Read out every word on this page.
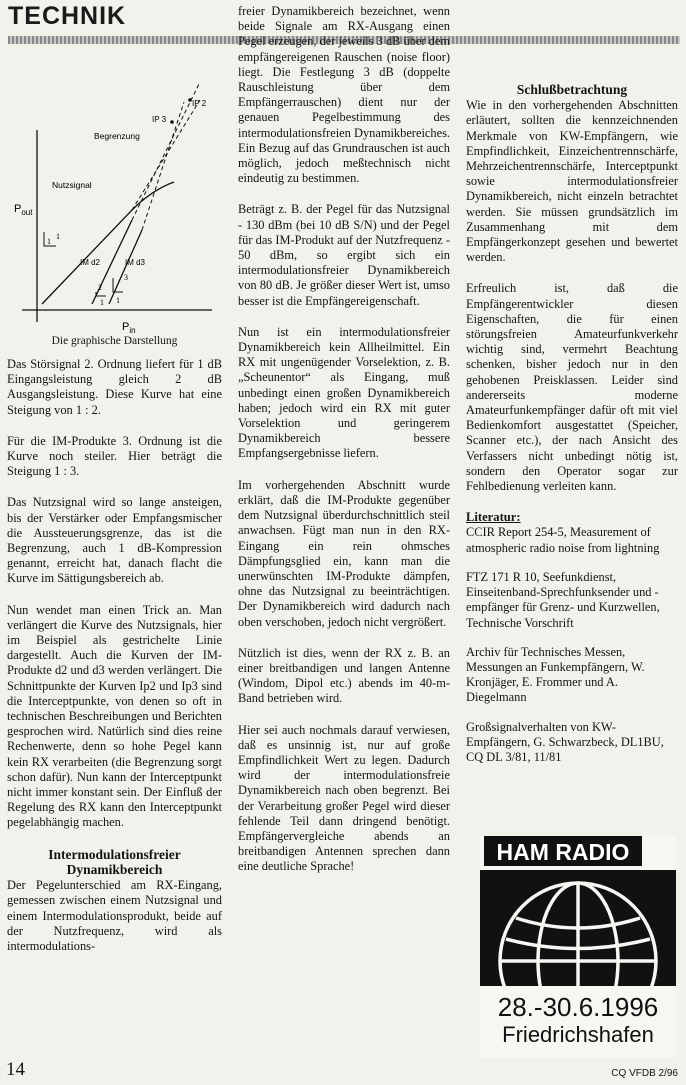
TECHNIK
$P_{out}$
$P_{in}$
Nutzsignal
Begrenzung
IP 3
IP 2
IM d2	IM d3
1
1
2
1
3
1
Die graphische Darstellung

Das Störsignal 2. Ordnung liefert für 1 dB Eingangsleistung gleich 2 dB Ausgangsleistung. Diese Kurve hat eine Steigung von 1 : 2.

Für die IM-Produkte 3. Ordnung ist die Kurve noch steiler. Hier beträgt die Steigung 1 : 3.

Das Nutzsignal wird so lange ansteigen, bis der Verstärker oder Empfangsmischer die Aussteuerungsgrenze, das ist die Begrenzung, auch 1 dB-Kompression genannt, erreicht hat, danach flacht die Kurve im Sättigungsbereich ab.

Nun wendet man einen Trick an. Man verlängert die Kurve des Nutzsignals, hier im Beispiel als gestrichelte Linie dargestellt. Auch die Kurven der IM-Produkte d2 und d3 werden verlängert. Die Schnittpunkte der Kurven Ip2 und Ip3 sind die Interceptpunkte, von denen so oft in technischen Beschreibungen und Berichten gesprochen wird. Natürlich sind dies reine Rechenwerte, denn so hohe Pegel kann kein RX verarbeiten (die Begrenzung sorgt schon dafür). Nun kann der Interceptpunkt nicht immer konstant sein. Der Einfluß der Regelung des RX kann den Interceptpunkt pegelabhängig machen.

Intermodulationsfreier Dynamikbereich

Der Pegelunterschied am RX-Eingang, gemessen zwischen einem Nutzsignal und einem Intermodulationsprodukt, beide auf der Nutzfrequenz, wird als intermodulations-

freier Dynamikbereich bezeichnet, wenn beide Signale am RX-Ausgang einen Pegel erzeugen, der jeweils 3 dB über dem empfängereigenen Rauschen (noise floor) liegt. Die Festlegung 3 dB (doppelte Rauschleistung über dem Empfängerrauschen) dient nur der genauen Pegelbestimmung des intermodulationsfreien Dynamikbereiches. Ein Bezug auf das Grundrauschen ist auch möglich, jedoch meßtechnisch nicht eindeutig zu bestimmen.

Beträgt z. B. der Pegel für das Nutzsignal - 130 dBm (bei 10 dB S/N) und der Pegel für das IM-Produkt auf der Nutzfrequenz - 50 dBm, so ergibt sich ein intermodulationsfreier Dynamikbereich von 80 dB. Je größer dieser Wert ist, umso besser ist die Empfängereigenschaft.

Nun ist ein intermodulationsfreier Dynamikbereich kein Allheilmittel. Ein RX mit ungenügender Vorselektion, z. B. „Scheunentor“ als Eingang, muß unbedingt einen großen Dynamikbereich haben; jedoch wird ein RX mit guter Vorselektion und geringerem Dynamikbereich bessere Empfangsergebnisse liefern.

Im vorhergehenden Abschnitt wurde erklärt, daß die IM-Produkte gegenüber dem Nutzsignal überdurchschnittlich steil anwachsen. Fügt man nun in den RX-Eingang ein rein ohmsches Dämpfungsglied ein, kann man die unerwünschten IM-Produkte dämpfen, ohne das Nutzsignal zu beeinträchtigen. Der Dynamikbereich wird dadurch nach oben verschoben, jedoch nicht vergrößert.

Nützlich ist dies, wenn der RX z. B. an einer breitbandigen und langen Antenne (Windom, Dipol etc.) abends im 40-m-Band betrieben wird.

Hier sei auch nochmals darauf verwiesen, daß es unsinnig ist, nur auf große Empfindlichkeit Wert zu legen. Dadurch wird der intermodulationsfreie Dynamikbereich nach oben begrenzt. Bei der Verarbeitung großer Pegel wird dieser fehlende Teil dann dringend benötigt. Empfängervergleiche abends an breitbandigen Antennen sprechen dann eine deutliche Sprache!

Schlußbetrachtung

Wie in den vorhergehenden Abschnitten erläutert, sollten die kennzeichnenden Merkmale von KW-Empfängern, wie Empfindlichkeit, Einzeichentrennschärfe, Mehrzeichentrennschärfe, Interceptpunkt sowie intermodulationsfreier Dynamikbereich, nicht einzeln betrachtet werden. Sie müssen grundsätzlich im Zusammenhang mit dem Empfängerkonzept gesehen und bewertet werden.

Erfreulich ist, daß die Empfängerentwickler diesen Eigenschaften, die für einen störungsfreien Amateurfunkverkehr wichtig sind, vermehrt Beachtung schenken, bisher jedoch nur in den gehobenen Preisklassen. Leider sind andererseits moderne Amateurfunkempfänger dafür oft mit viel Bedienkomfort ausgestattet (Speicher, Scanner etc.), der nach Ansicht des Verfassers nicht unbedingt nötig ist, sondern den Operator sogar zur Fehlbedienung verleiten kann.

Literatur:

CCIR Report 254-5, Measurement of atmospheric radio noise from lightning

FTZ 171 R 10, Seefunkdienst, Einseitenband-Sprechfunksender und -empfänger für Grenz- und Kurzwellen, Technische Vorschrift

Archiv für Technisches Messen, Messungen an Funkempfängern, W. Kronjäger, E. Frommer und A. Diegelmann

Großsignalverhalten von KW-Empfängern, G. Schwarzbeck, DL1BU, CQ DL 3/81, 11/81

HAM RADIO
28.-30.6.1996
Friedrichshafen
14	CQ VFDB 2/96
